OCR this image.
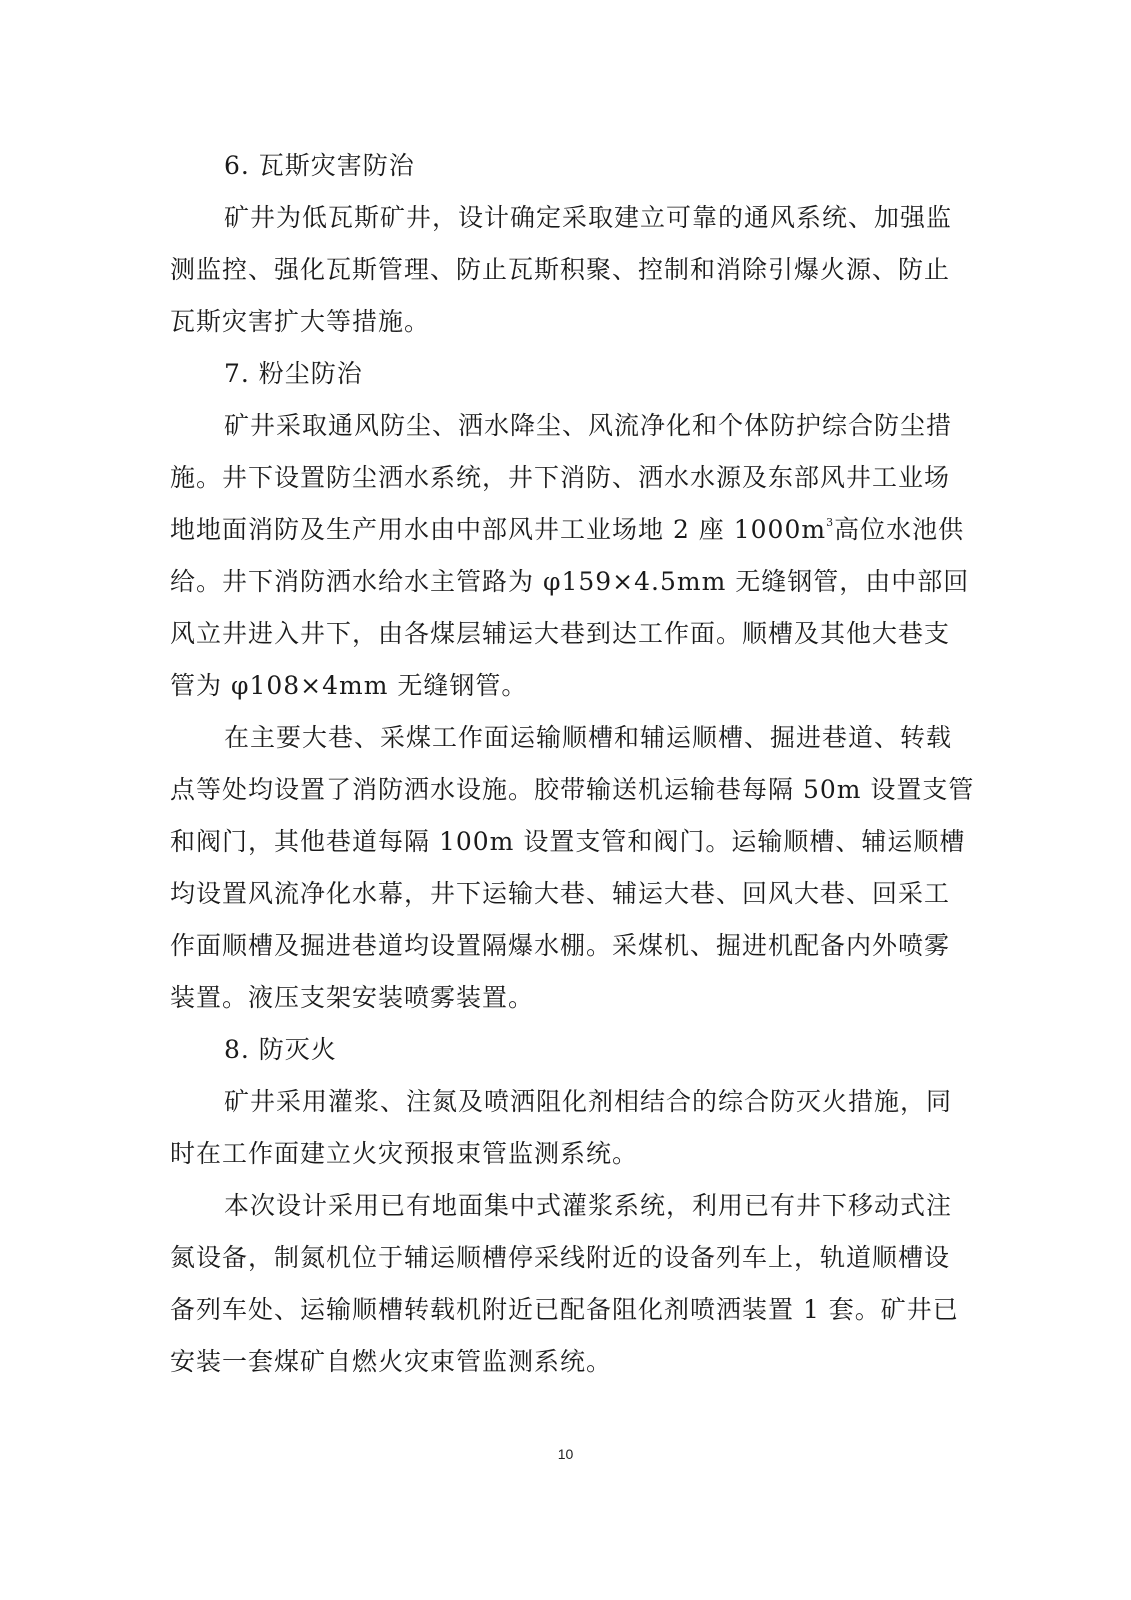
6. 瓦斯灾害防治
矿井为低瓦斯矿井，设计确定采取建立可靠的通风系统、加强监
测监控、强化瓦斯管理、防止瓦斯积聚、控制和消除引爆火源、防止
瓦斯灾害扩大等措施。
7. 粉尘防治
矿井采取通风防尘、洒水降尘、风流净化和个体防护综合防尘措
施。井下设置防尘洒水系统，井下消防、洒水水源及东部风井工业场
地地面消防及生产用水由中部风井工业场地 2 座 $1000m^3$高位水池供
给。井下消防洒水给水主管路为 φ159×4.5mm 无缝钢管，由中部回
风立井进入井下，由各煤层辅运大巷到达工作面。顺槽及其他大巷支
管为 φ108×4mm 无缝钢管。
在主要大巷、采煤工作面运输顺槽和辅运顺槽、掘进巷道、转载
点等处均设置了消防洒水设施。胶带输送机运输巷每隔 50m 设置支管
和阀门，其他巷道每隔 100m 设置支管和阀门。运输顺槽、辅运顺槽
均设置风流净化水幕，井下运输大巷、辅运大巷、回风大巷、回采工
作面顺槽及掘进巷道均设置隔爆水棚。采煤机、掘进机配备内外喷雾
装置。液压支架安装喷雾装置。
8. 防灭火
矿井采用灌浆、注氮及喷洒阻化剂相结合的综合防灭火措施，同
时在工作面建立火灾预报束管监测系统。
本次设计采用已有地面集中式灌浆系统，利用已有井下移动式注
氮设备，制氮机位于辅运顺槽停采线附近的设备列车上，轨道顺槽设
备列车处、运输顺槽转载机附近已配备阻化剂喷洒装置 1 套。矿井已
安装一套煤矿自燃火灾束管监测系统。
10
